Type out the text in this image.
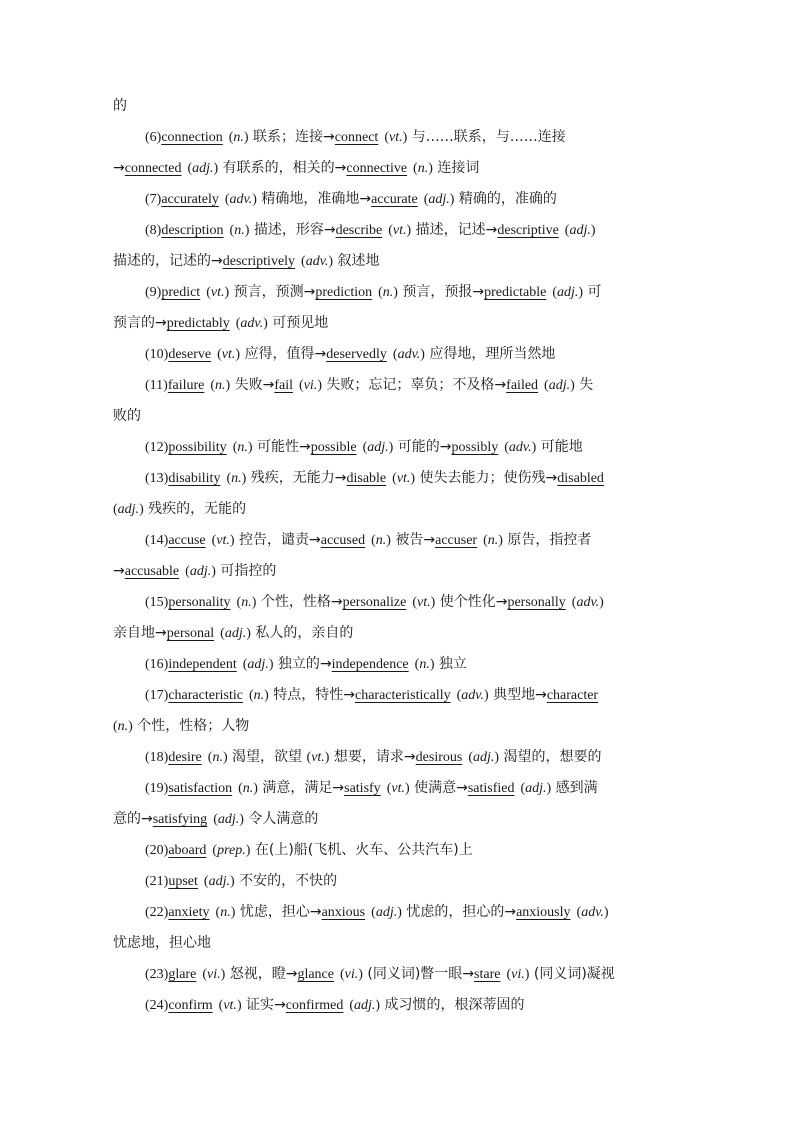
的
(6)connection (n.) 联系；连接→connect (vt.) 与……联系，与……连接
→connected (adj.) 有联系的，相关的→connective (n.) 连接词
(7)accurately (adv.) 精确地，准确地→accurate (adj.) 精确的，准确的
(8)description (n.) 描述，形容→describe (vt.) 描述，记述→descriptive (adj.)
描述的，记述的→descriptively (adv.) 叙述地
(9)predict (vt.) 预言，预测→prediction (n.) 预言，预报→predictable (adj.) 可
预言的→predictably (adv.) 可预见地
(10)deserve (vt.) 应得，值得→deservedly (adv.) 应得地，理所当然地
(11)failure (n.) 失败→fail (vi.) 失败；忘记；辜负；不及格→failed (adj.) 失
败的
(12)possibility (n.) 可能性→possible (adj.) 可能的→possibly (adv.) 可能地
(13)disability (n.) 残疾，无能力→disable (vt.) 使失去能力；使伤残→disabled
(adj.) 残疾的，无能的
(14)accuse (vt.) 控告，谴责→accused (n.) 被告→accuser (n.) 原告，指控者
→accusable (adj.) 可指控的
(15)personality (n.) 个性，性格→personalize (vt.) 使个性化→personally (adv.)
亲自地→personal (adj.) 私人的，亲自的
(16)independent (adj.) 独立的→independence (n.) 独立
(17)characteristic (n.) 特点，特性→characteristically (adv.) 典型地→character
(n.) 个性，性格；人物
(18)desire (n.) 渴望，欲望 (vt.) 想要，请求→desirous (adj.) 渴望的，想要的
(19)satisfaction (n.) 满意，满足→satisfy (vt.) 使满意→satisfied (adj.) 感到满
意的→satisfying (adj.) 令人满意的
(20)aboard (prep.) 在(上)船(飞机、火车、公共汽车)上
(21)upset (adj.) 不安的，不快的
(22)anxiety (n.) 忧虑，担心→anxious (adj.) 忧虑的，担心的→anxiously (adv.)
忧虑地，担心地
(23)glare (vi.) 怒视，瞪→glance (vi.) (同义词)瞥一眼→stare (vi.) (同义词)凝视
(24)confirm (vt.) 证实→confirmed (adj.) 成习惯的，根深蒂固的
